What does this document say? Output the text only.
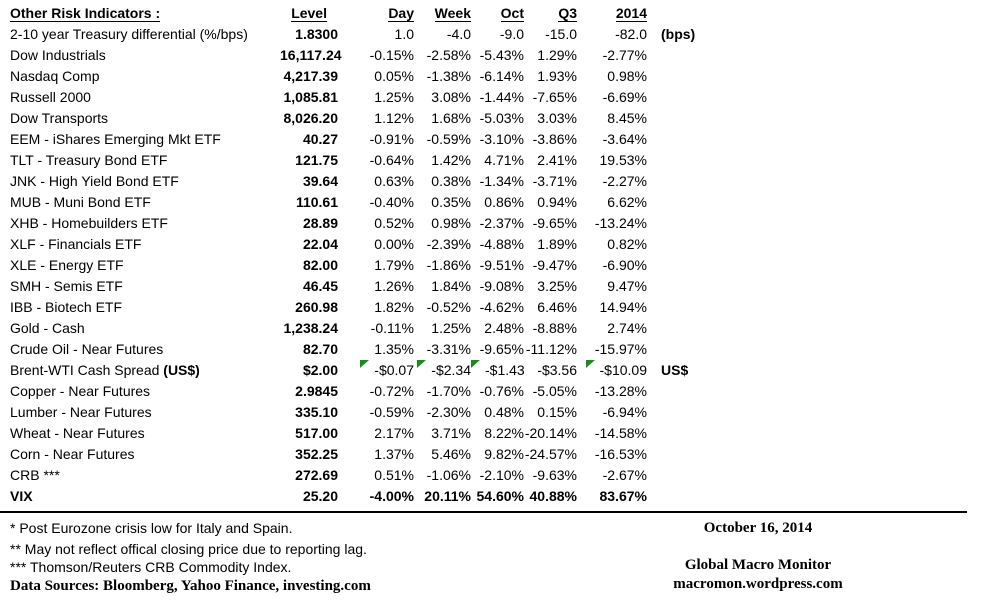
Other Risk Indicators :	Level	Day	Week	Oct	Q3	2014	
2-10 year Treasury differential (%/bps)	1.8300	1.0	-4.0	-9.0	-15.0	-82.0	(bps)
Dow Industrials	16,117.24	-0.15%	-2.58%	-5.43%	1.29%	-2.77%	
Nasdaq Comp	4,217.39	0.05%	-1.38%	-6.14%	1.93%	0.98%	
Russell 2000	1,085.81	1.25%	3.08%	-1.44%	-7.65%	-6.69%	
Dow Transports	8,026.20	1.12%	1.68%	-5.03%	3.03%	8.45%	
EEM - iShares Emerging Mkt ETF	40.27	-0.91%	-0.59%	-3.10%	-3.86%	-3.64%	
TLT - Treasury Bond ETF	121.75	-0.64%	1.42%	4.71%	2.41%	19.53%	
JNK - High Yield Bond ETF	39.64	0.63%	0.38%	-1.34%	-3.71%	-2.27%	
MUB - Muni Bond ETF	110.61	-0.40%	0.35%	0.86%	0.94%	6.62%	
XHB - Homebuilders ETF	28.89	0.52%	0.98%	-2.37%	-9.65%	-13.24%	
XLF - Financials ETF	22.04	0.00%	-2.39%	-4.88%	1.89%	0.82%	
XLE - Energy ETF	82.00	1.79%	-1.86%	-9.51%	-9.47%	-6.90%	
SMH - Semis ETF	46.45	1.26%	1.84%	-9.08%	3.25%	9.47%	
IBB - Biotech ETF	260.98	1.82%	-0.52%	-4.62%	6.46%	14.94%	
Gold - Cash	1,238.24	-0.11%	1.25%	2.48%	-8.88%	2.74%	
Crude Oil - Near Futures	82.70	1.35%	-3.31%	-9.65%	-11.12%	-15.97%	
Brent-WTI Cash Spread (US$)	$2.00	-$0.07	-$2.34	-$1.43	-$3.56	-$10.09	US$
Copper - Near Futures	2.9845	-0.72%	-1.70%	-0.76%	-5.05%	-13.28%	
Lumber - Near Futures	335.10	-0.59%	-2.30%	0.48%	0.15%	-6.94%	
Wheat - Near Futures	517.00	2.17%	3.71%	8.22%	-20.14%	-14.58%	
Corn - Near Futures	352.25	1.37%	5.46%	9.82%	-24.57%	-16.53%	
CRB ***	272.69	0.51%	-1.06%	-2.10%	-9.63%	-2.67%	
VIX	25.20	-4.00%	20.11%	54.60%	40.88%	83.67%	
* Post Eurozone crisis low for Italy and Spain.
** May not reflect offical closing price due to reporting lag.
*** Thomson/Reuters CRB Commodity Index.
Data Sources: Bloomberg, Yahoo Finance, investing.com
October 16, 2014
Global Macro Monitor
macromon.wordpress.com
